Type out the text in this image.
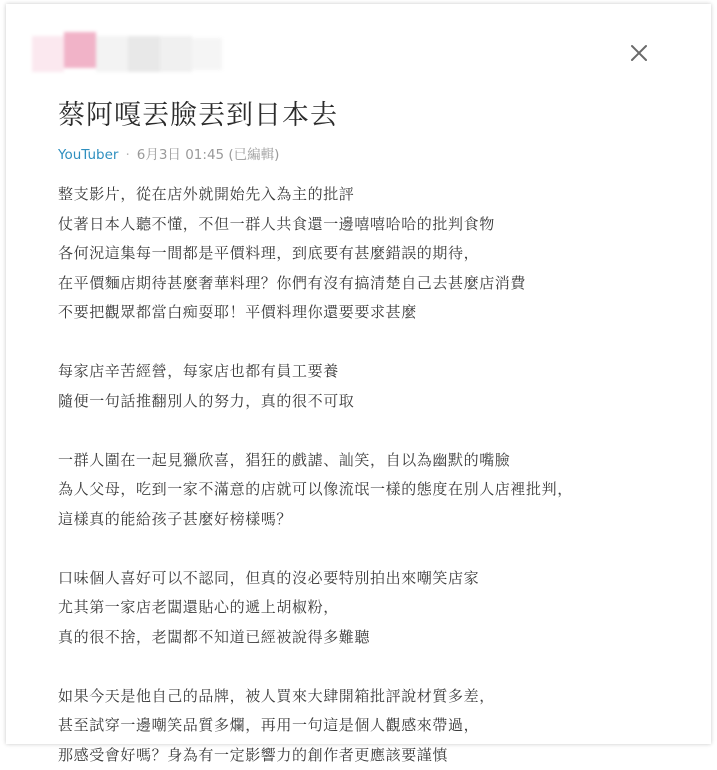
蔡阿嘎丟臉丟到日本去
YouTuber · 6月3日 01:45 (已編輯)
整支影片，從在店外就開始先入為主的批評
仗著日本人聽不懂，不但一群人共食還一邊嘻嘻哈哈的批判食物
各何況這集每一間都是平價料理，到底要有甚麼錯誤的期待，
在平價麵店期待甚麼奢華料理？你們有沒有搞清楚自己去甚麼店消費
不要把觀眾都當白痴耍耶！平價料理你還要要求甚麼
每家店辛苦經營，每家店也都有員工要養
隨便一句話推翻別人的努力，真的很不可取
一群人圍在一起見獵欣喜，猖狂的戲謔、訕笑，自以為幽默的嘴臉
為人父母，吃到一家不滿意的店就可以像流氓一樣的態度在別人店裡批判，
這樣真的能給孩子甚麼好榜樣嗎？
口味個人喜好可以不認同，但真的沒必要特別拍出來嘲笑店家
尤其第一家店老闆還貼心的遞上胡椒粉，
真的很不捨，老闆都不知道已經被說得多難聽
如果今天是他自己的品牌，被人買來大肆開箱批評說材質多差，
甚至試穿一邊嘲笑品質多爛，再用一句這是個人觀感來帶過，
那感受會好嗎？身為有一定影響力的創作者更應該要謹慎
